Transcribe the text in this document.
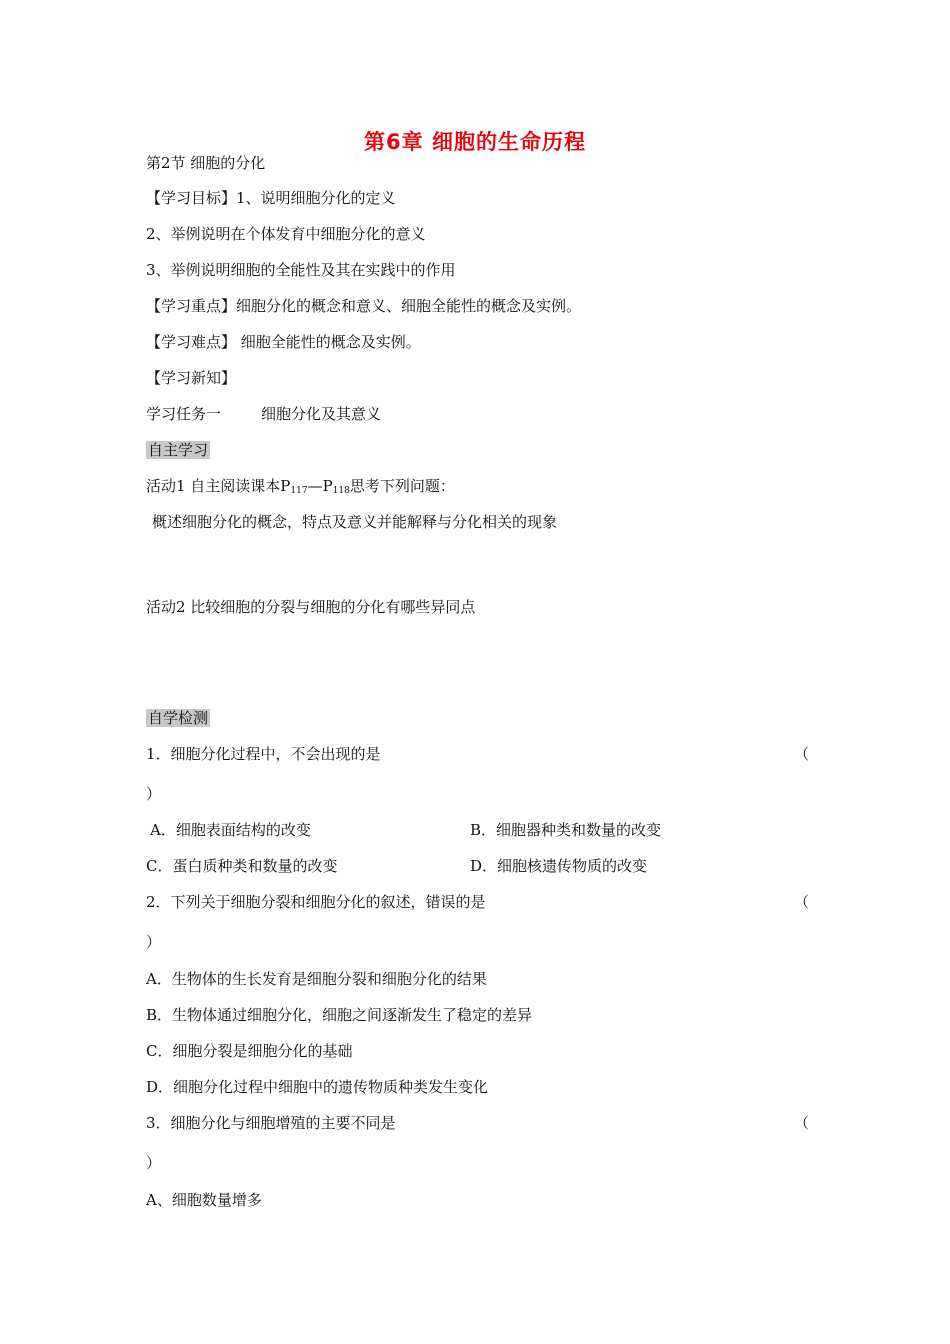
第6章 细胞的生命历程
第2节 细胞的分化
【学习目标】1、说明细胞分化的定义
2、举例说明在个体发育中细胞分化的意义
3、举例说明细胞的全能性及其在实践中的作用
【学习重点】细胞分化的概念和意义、细胞全能性的概念及实例。
【学习难点】 细胞全能性的概念及实例。
【学习新知】
学习任务一	细胞分化及其意义
自主学习
活动1 自主阅读课本$P_{117}—P_{118}$思考下列问题：
概述细胞分化的概念，特点及意义并能解释与分化相关的现象
活动2 比较细胞的分裂与细胞的分化有哪些异同点
自学检测
1．细胞分化过程中，不会出现的是	（
）
A．细胞表面结构的改变	B．细胞器种类和数量的改变
C．蛋白质种类和数量的改变	D．细胞核遗传物质的改变
2．下列关于细胞分裂和细胞分化的叙述，错误的是	（
）
A．生物体的生长发育是细胞分裂和细胞分化的结果
B．生物体通过细胞分化，细胞之间逐渐发生了稳定的差异
C．细胞分裂是细胞分化的基础
D．细胞分化过程中细胞中的遗传物质种类发生变化
3．细胞分化与细胞增殖的主要不同是	（
）
A、细胞数量增多
